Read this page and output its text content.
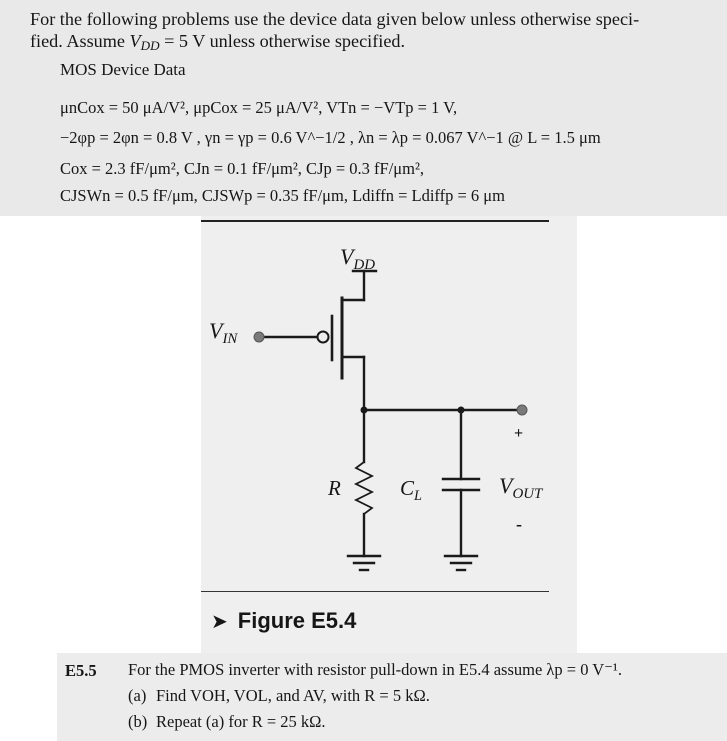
For the following problems use the device data given below unless otherwise speci-
fied. Assume $V_{DD} = 5$ V unless otherwise specified.
MOS Device Data
μnCox = 50 μA/V², μpCox = 25 μA/V², VTn = −VTp = 1 V,
−2φp = 2φn = 0.8 V , γn = γp = 0.6 V^−1/2 , λn = λp = 0.067 V^−1 @ L = 1.5 μm
Cox = 2.3 fF/μm², CJn = 0.1 fF/μm², CJp = 0.3 fF/μm²,
CJSWn = 0.5 fF/μm, CJSWp = 0.35 fF/μm, Ldiffn = Ldiffp = 6 μm
$V_{DD}$
$V_{IN}$
R	$C_L$	$V_{OUT}$
+
-
➤ Figure E5.4
E5.5 For the PMOS inverter with resistor pull-down in E5.4 assume λp = 0 V⁻¹.
(a) Find VOH, VOL, and AV, with R = 5 kΩ.
(b) Repeat (a) for R = 25 kΩ.
